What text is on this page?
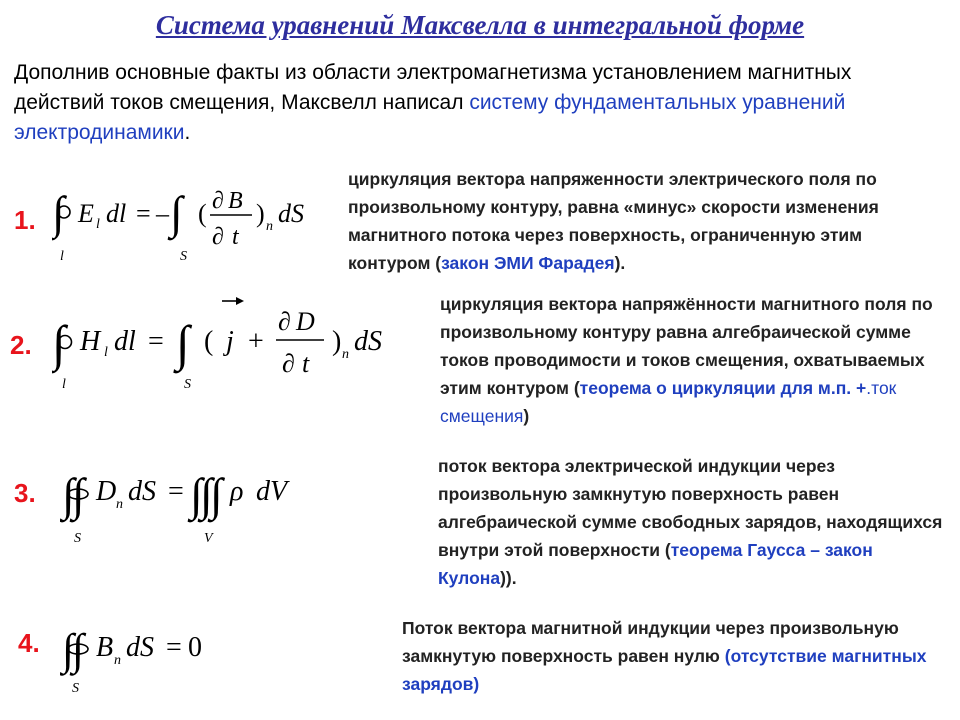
Система уравнений Максвелла в интегральной форме
Дополнив основные факты из области электромагнетизма установлением магнитных действий токов смещения, Максвелл написал систему фундаментальных уравнений электродинамики.
1. ∫
l
E l dl = – ∫
S
( ∂ B
∂ t
) n dS
циркуляция вектора напряженности электрического поля по произвольному контуру, равна «минус» скорости изменения магнитного потока через поверхность, ограниченную этим контуром (закон ЭМИ Фарадея).
2. ∫
l
H l dl = ∫
S
( j +
∂ D
∂ t
) n dS
циркуляция вектора напряжённости магнитного поля по произвольному контуру равна алгебраической сумме токов проводимости и токов смещения, охватываемых этим контуром (теорема о циркуляции для м.п. +.ток смещения)
3. ∫
∫
S
D n dS = ∫
∫
∫
V
ρ dV
поток вектора электрической индукции через произвольную замкнутую поверхность равен алгебраической сумме свободных зарядов, находящихся внутри этой поверхности (теорема Гаусса – закон Кулона)).
4. ∫
∫
S
B n dS = 0
Поток вектора магнитной индукции через произвольную замкнутую поверхность равен нулю (отсутствие магнитных зарядов)
